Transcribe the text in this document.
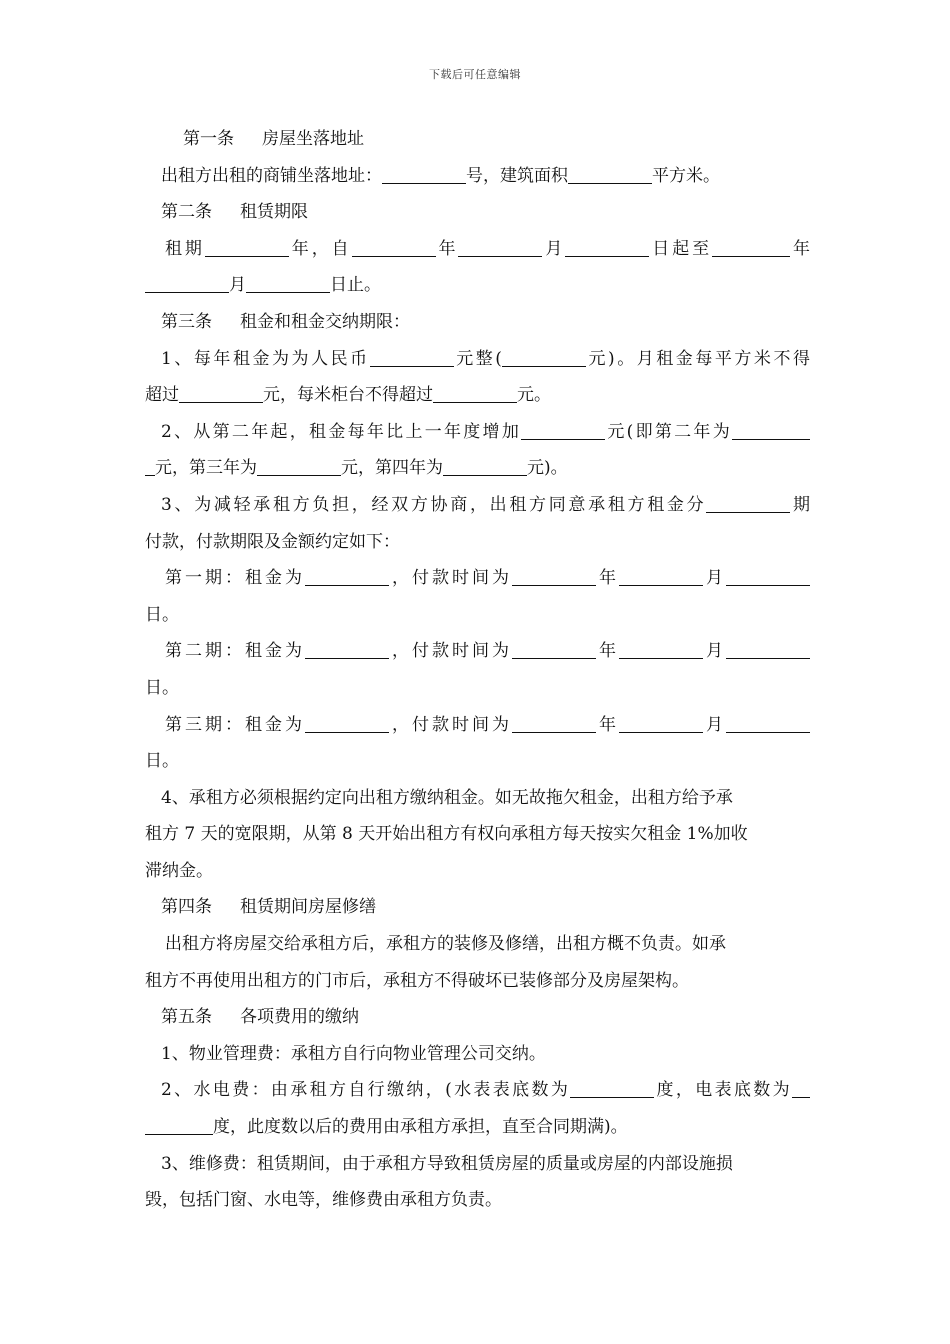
下载后可任意编辑
第一条 房屋坐落地址
出租方出租的商铺坐落地址：	号，建筑面积	平方米。
第二条 租赁期限
租期	年，自	年	月	日起至	年
月	日止。
第三条 租金和租金交纳期限：
1、每年租金为为人民币	元整(	元)。月租金每平方米不得
超过	元，每米柜台不得超过	元。
2、从第二年起，租金每年比上一年度增加	元(即第二年为
元，第三年为	元，第四年为	元)。
3、为减轻承租方负担，经双方协商，出租方同意承租方租金分	期
付款，付款期限及金额约定如下：
第一期：租金为	，付款时间为	年	月
日。
第二期：租金为	，付款时间为	年	月
日。
第三期：租金为	，付款时间为	年	月
日。
4、承租方必须根据约定向出租方缴纳租金。如无故拖欠租金，出租方给予承
租方 7 天的宽限期，从第 8 天开始出租方有权向承租方每天按实欠租金 1%加收
滞纳金。
第四条 租赁期间房屋修缮
出租方将房屋交给承租方后，承租方的装修及修缮，出租方概不负责。如承
租方不再使用出租方的门市后，承租方不得破坏已装修部分及房屋架构。
第五条 各项费用的缴纳
1、物业管理费：承租方自行向物业管理公司交纳。
2、水电费：由承租方自行缴纳，(水表表底数为	度，电表底数为
度，此度数以后的费用由承租方承担，直至合同期满)。
3、维修费：租赁期间，由于承租方导致租赁房屋的质量或房屋的内部设施损
毁，包括门窗、水电等，维修费由承租方负责。
